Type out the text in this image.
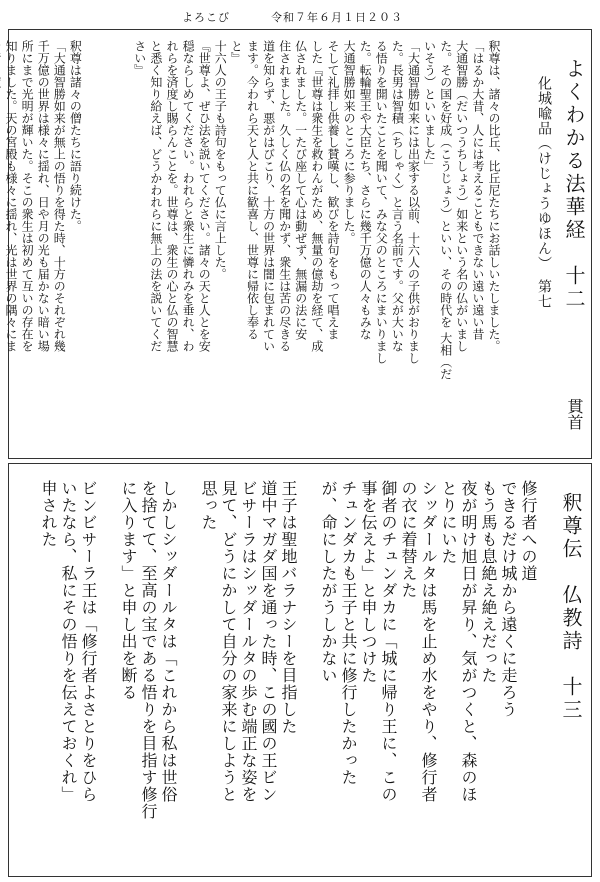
よろこび	令和７年６月１日２０３

よくわかる法華経　十二

貫首

化城喩品（けじょうゆほん）　第七

釈尊は、諸々の比丘、比丘尼たちにお話しいたしました。

「はるか大昔、人には考えることもできない遠い遠い昔

大通智勝（だいつうちしょう）如来という名の仏がいまし

た。その国を好成（こうじょう）といい、その時代を 大相（だ

いそう）といいました」

「大通智勝如来には出家する以前、十六人の子供がおりまし

た。長男は智積（ちしゃく）と言う名前です。父が大いな

る悟りを開いたことを聞いて、みな父のところにまいりまし

た。転輪聖王や大臣たち、さらに幾千万億の人々もみな

大通智勝如来のところに参りました。

そして礼拝し供養し賛嘆し、歓びを詩句をもって唱えま

した『世尊は衆生を救わんがため、無量の億劫を経て、成

仏されました。一たび座して心は動ぜず、無漏の法に安

住されました。久しく仏の名を聞かず、衆生は苦の尽きる

道を知らず、悪がはびこり、十方の世界は闇に包まれてい

ます。今われら天と人と共に歓喜し、世尊に帰依し奉る

と』

十六人の王子も詩句をもって仏に言上した。

『世尊よ、ぜひ法を説いてください。諸々の天と人とを安

穏ならしめてください。われらと衆生に憐れみを垂れ、わ

れらを済度し賜らんことを。世尊は、衆生の心と仏の智慧

と悉く知り給えば、どうかわれらに無上の法を説いてくだ

さい』

釈尊は諸々の僧たちに語り続けた。

「大通智勝如来が無上の悟りを得た時、十方のそれぞれ幾

千万億の世界は様々に揺れ、日や月の光も届かない暗い場

所にまで光明が輝いた。そこの衆生は初めて互いの存在を

知りました。天の宮殿も様々に揺れ、光は世界の隅々にま

釈尊伝　仏教詩　十三

修行者への道

できるだけ城から遠くに走ろう

もう馬も息絶え絶えだった

夜が明け旭日が昇り、気がつくと、森のほ

とりにいた

シッダールタは馬を止め水をやり、修行者

の衣に着替えた

御者のチュンダカに「城に帰り王に、この

事を伝えよ」と申しつけた

チュンダカも王子と共に修行したかった

が、命にしたがうしかない

王子は聖地バラナシーを目指した

道中マガダ国を通った時、この國の王ビン

ビサーラはシッダールタの歩む端正な姿を

見て、どうにかして自分の家来にしようと

思った

しかしシッダールタは「これから私は世俗

を捨てて、至高の宝である悟りを目指す修行

に入ります」と申し出を断る

ビンビサーラ王は「修行者よさとりをひら

いたなら、私にその悟りを伝えておくれ」

申された
